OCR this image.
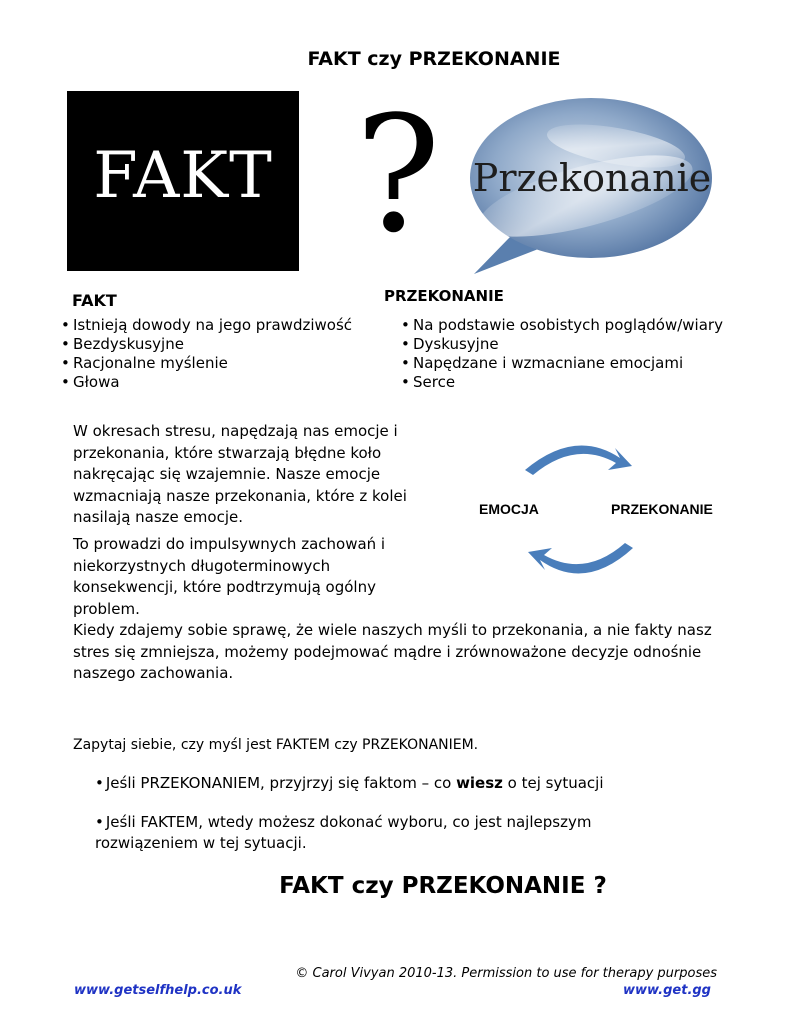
FAKT czy PRZEKONANIE
FAKT ? Przekonanie
FAKT
• Istnieją dowody na jego prawdziwość
• Bezdyskusyjne
• Racjonalne myślenie
• Głowa
PRZEKONANIE
• Na podstawie osobistych poglądów/wiary
• Dyskusyjne
• Napędzane i wzmacniane emocjami
• Serce
W okresach stresu, napędzają nas emocje i przekonania, które stwarzają błędne koło nakręcając się wzajemnie. Nasze emocje wzmacniają nasze przekonania, które z kolei nasilają nasze emocje.
To prowadzi do impulsywnych zachowań i niekorzystnych długoterminowych konsekwencji, które podtrzymują ogólny problem.
Kiedy zdajemy sobie sprawę, że wiele naszych myśli to przekonania, a nie fakty nasz stres się zmniejsza, możemy podejmować mądre i zrównoważone decyzje odnośnie naszego zachowania.
Zapytaj siebie, czy myśl jest FAKTEM czy PRZEKONANIEM.
EMOCJA	PRZEKONANIE
• Jeśli PRZEKONANIEM, przyjrzyj się faktom – co wiesz o tej sytuacji
• Jeśli FAKTEM, wtedy możesz dokonać wyboru, co jest najlepszym rozwiązeniem w tej sytuacji.
FAKT czy PRZEKONANIE ?
© Carol Vivyan 2010-13. Permission to use for therapy purposes
www.getselfhelp.co.uk	www.get.gg
